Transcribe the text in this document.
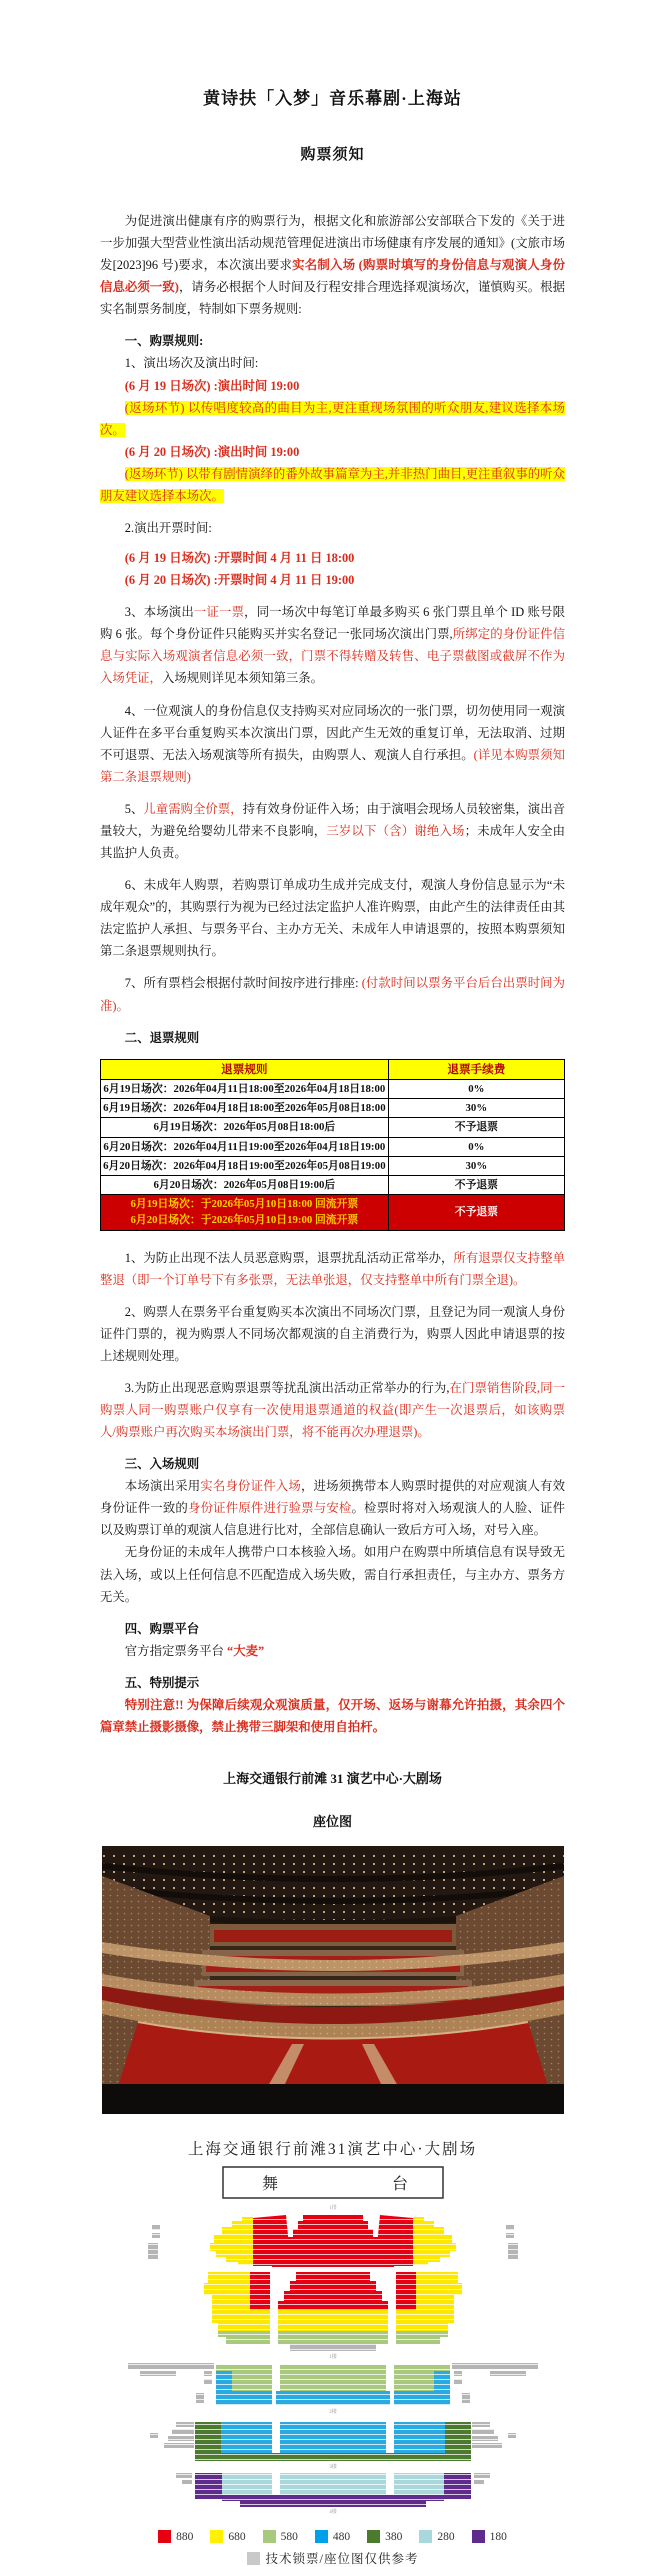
黄诗扶「入梦」音乐幕剧·上海站
购票须知

为促进演出健康有序的购票行为，根据文化和旅游部公安部联合下发的《关于进一步加强大型营业性演出活动规范管理促进演出市场健康有序发展的通知》(文旅市场发[2023]96 号)要求，本次演出要求实名制入场 (购票时填写的身份信息与观演人身份信息必须一致)，请务必根据个人时间及行程安排合理选择观演场次，谨慎购买。根据实名制票务制度，特制如下票务规则:

一、购票规则:

1、演出场次及演出时间:

(6 月 19 日场次) :演出时间 19:00

(返场环节) 以传唱度较高的曲目为主,更注重现场氛围的听众朋友,建议选择本场次。

(6 月 20 日场次) :演出时间 19:00

(返场环节) 以带有剧情演绎的番外故事篇章为主,并非热门曲目,更注重叙事的听众朋友建议选择本场次。

2.演出开票时间:

(6 月 19 日场次) :开票时间 4 月 11 日 18:00

(6 月 20 日场次) :开票时间 4 月 11 日 19:00

3、本场演出一证一票，同一场次中每笔订单最多购买 6 张门票且单个 ID 账号限购 6 张。每个身份证件只能购买并实名登记一张同场次演出门票,所绑定的身份证件信息与实际入场观演者信息必须一致，门票不得转赠及转售、电子票截图或截屏不作为入场凭证，入场规则详见本须知第三条。

4、一位观演人的身份信息仅支持购买对应同场次的一张门票，切勿使用同一观演人证件在多平台重复购买本次演出门票，因此产生无效的重复订单，无法取消、过期不可退票、无法入场观演等所有损失，由购票人、观演人自行承担。(详见本购票须知第二条退票规则)

5、儿童需购全价票，持有效身份证件入场；由于演唱会现场人员较密集，演出音量较大，为避免给婴幼儿带来不良影响，三岁以下（含）谢绝入场；未成年人安全由其监护人负责。

6、未成年人购票，若购票订单成功生成并完成支付，观演人身份信息显示为“未成年观众”的，其购票行为视为已经过法定监护人准许购票，由此产生的法律责任由其法定监护人承担、与票务平台、主办方无关、未成年人申请退票的，按照本购票须知第二条退票规则执行。

7、所有票档会根据付款时间按序进行排座: (付款时间以票务平台后台出票时间为准)。

二、退票规则

退票规则	退票手续费
6月19日场次：2026年04月11日18:00至2026年04月18日18:00	0%
6月19日场次：2026年04月18日18:00至2026年05月08日18:00	30%
6月19日场次：2026年05月08日18:00后	不予退票
6月20日场次：2026年04月11日19:00至2026年04月18日19:00	0%
6月20日场次：2026年04月18日19:00至2026年05月08日19:00	30%
6月20日场次：2026年05月08日19:00后	不予退票

6月19日场次：于2026年05月10日18:00 回流开票
6月20日场次：于2026年05月10日19:00 回流开票	不予退票

1、为防止出现不法人员恶意购票，退票扰乱活动正常举办，所有退票仅支持整单整退（即一个订单号下有多张票，无法单张退，仅支持整单中所有门票全退)。

2、购票人在票务平台重复购买本次演出不同场次门票，且登记为同一观演人身份证件门票的，视为购票人不同场次都观演的自主消费行为，购票人因此申请退票的按上述规则处理。

3.为防止出现恶意购票退票等扰乱演出活动正常举办的行为,在门票销售阶段,同一购票人同一购票账户仅享有一次使用退票通道的权益(即产生一次退票后，如该购票人/购票账户再次购买本场演出门票，将不能再次办理退票)。

三、入场规则

本场演出采用实名身份证件入场，进场须携带本人购票时提供的对应观演人有效身份证件一致的身份证件原件进行验票与安检。检票时将对入场观演人的人脸、证件以及购票订单的观演人信息进行比对，全部信息确认一致后方可入场，对号入座。

无身份证的未成年人携带户口本核验入场。如用户在购票中所填信息有误导致无法入场，或以上任何信息不匹配造成入场失败，需自行承担责任，与主办方、票务方无关。

四、购票平台

官方指定票务平台 “大麦”

五、特别提示

特别注意!! 为保障后续观众观演质量，仅开场、返场与谢幕允许拍摄，其余四个篇章禁止摄影摄像，禁止携带三脚架和使用自拍杆。

上海交通银行前滩 31 演艺中心·大剧场

座位图

上海交通银行前滩31演艺中心·大剧场

舞	台
1排
1楼
2楼
3楼
4楼
880	680	580	480	380	280	180
技术锁票/座位图仅供参考
